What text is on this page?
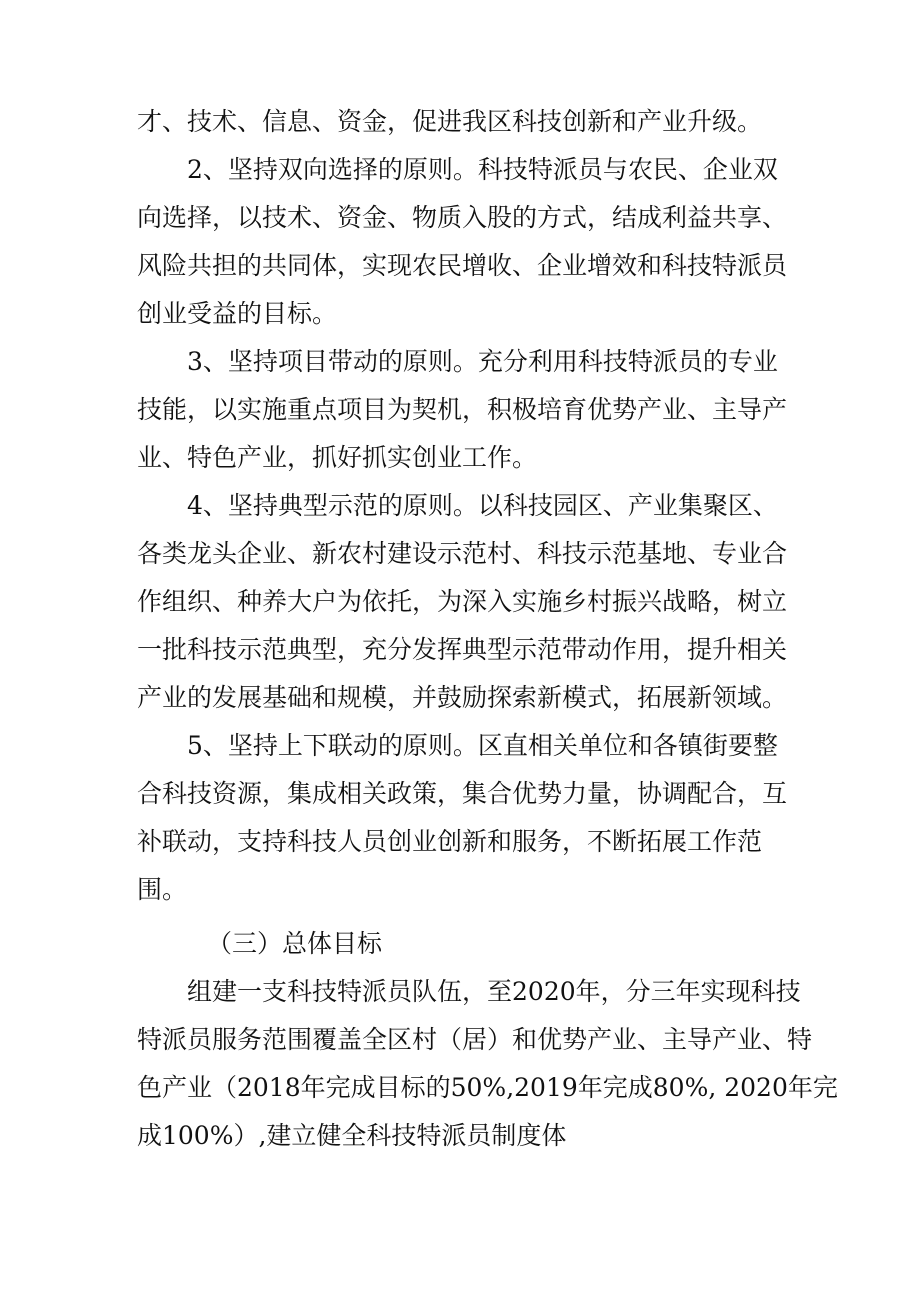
才、技术、信息、资金，促进我区科技创新和产业升级。
2、坚持双向选择的原则。科技特派员与农民、企业双
向选择，以技术、资金、物质入股的方式，结成利益共享、
风险共担的共同体，实现农民增收、企业增效和科技特派员
创业受益的目标。
3、坚持项目带动的原则。充分利用科技特派员的专业
技能，以实施重点项目为契机，积极培育优势产业、主导产
业、特色产业，抓好抓实创业工作。
4、坚持典型示范的原则。以科技园区、产业集聚区、
各类龙头企业、新农村建设示范村、科技示范基地、专业合
作组织、种养大户为依托，为深入实施乡村振兴战略，树立
一批科技示范典型，充分发挥典型示范带动作用，提升相关
产业的发展基础和规模，并鼓励探索新模式，拓展新领域。
5、坚持上下联动的原则。区直相关单位和各镇街要整
合科技资源，集成相关政策，集合优势力量，协调配合，互
补联动，支持科技人员创业创新和服务，不断拓展工作范
围。
（三）总体目标
组建一支科技特派员队伍，至2020年，分三年实现科技
特派员服务范围覆盖全区村（居）和优势产业、主导产业、特
色产业（2018年完成目标的50%,2019年完成80%, 2020年完
成100%）,建立健全科技特派员制度体
